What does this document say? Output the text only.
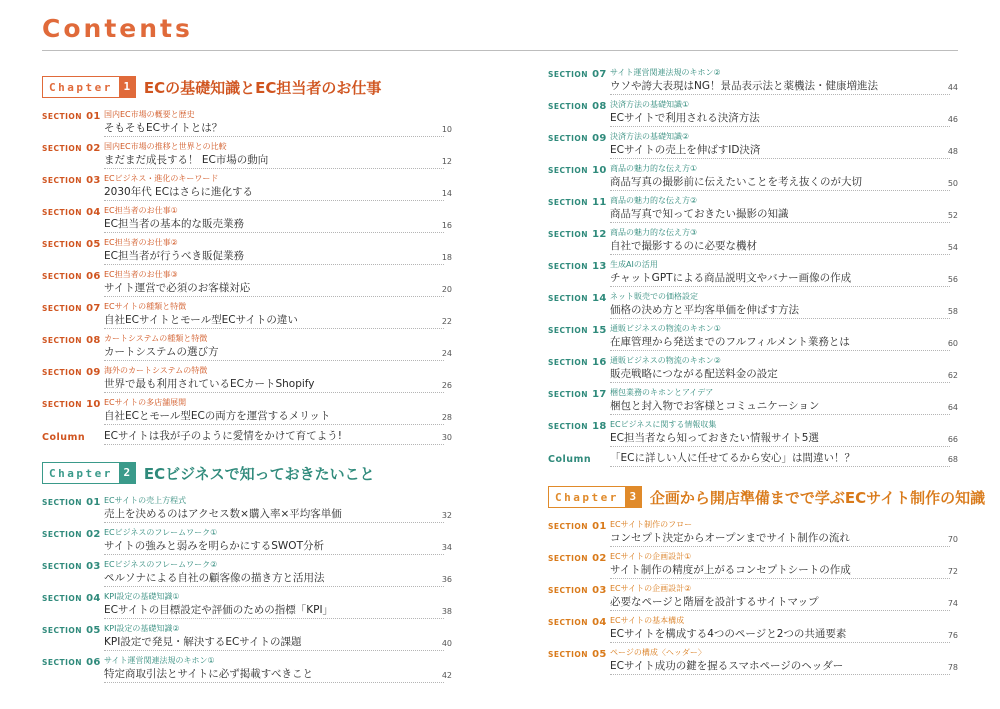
Contents
Chapter 1 ECの基礎知識とEC担当者のお仕事
SECTION 01 国内EC市場の概要と歴史
そもそもECサイトとは？	10
SECTION 02 国内EC市場の推移と世界との比較
まだまだ成長する！ EC市場の動向	12
SECTION 03 ECビジネス・進化のキーワード
2030年代 ECはさらに進化する	14
SECTION 04 EC担当者のお仕事①
EC担当者の基本的な販売業務	16
SECTION 05 EC担当者のお仕事②
EC担当者が行うべき販促業務	18
SECTION 06 EC担当者のお仕事③
サイト運営で必須のお客様対応	20
SECTION 07 ECサイトの種類と特徴
自社ECサイトとモール型ECサイトの違い	22
SECTION 08 カートシステムの種類と特徴
カートシステムの選び方	24
SECTION 09 海外のカートシステムの特徴
世界で最も利用されているECカートShopify	26
SECTION 10 ECサイトの多店舗展開
自社ECとモール型ECの両方を運営するメリット	28
Column ECサイトは我が子のように愛情をかけて育てよう!	30
Chapter 2 ECビジネスで知っておきたいこと
SECTION 01 ECサイトの売上方程式
売上を決めるのはアクセス数×購入率×平均客単価	32
SECTION 02 ECビジネスのフレームワーク①
サイトの強みと弱みを明らかにするSWOT分析	34
SECTION 03 ECビジネスのフレームワーク②
ペルソナによる自社の顧客像の描き方と活用法	36
SECTION 04 KPI設定の基礎知識①
ECサイトの目標設定や評価のための指標「KPI」	38
SECTION 05 KPI設定の基礎知識②
KPI設定で発見・解決するECサイトの課題	40
SECTION 06 サイト運営関連法規のキホン①
特定商取引法とサイトに必ず掲載すべきこと	42
SECTION 07 サイト運営関連法規のキホン②
ウソや誇大表現はNG！景品表示法と薬機法・健康増進法	44
SECTION 08 決済方法の基礎知識①
ECサイトで利用される決済方法	46
SECTION 09 決済方法の基礎知識②
ECサイトの売上を伸ばすID決済	48
SECTION 10 商品の魅力的な伝え方①
商品写真の撮影前に伝えたいことを考え抜くのが大切	50
SECTION 11 商品の魅力的な伝え方②
商品写真で知っておきたい撮影の知識	52
SECTION 12 商品の魅力的な伝え方③
自社で撮影するのに必要な機材	54
SECTION 13 生成AIの活用
チャットGPTによる商品説明文やバナー画像の作成	56
SECTION 14 ネット販売での価格設定
価格の決め方と平均客単価を伸ばす方法	58
SECTION 15 通販ビジネスの物流のキホン①
在庫管理から発送までのフルフィルメント業務とは	60
SECTION 16 通販ビジネスの物流のキホン②
販売戦略につながる配送料金の設定	62
SECTION 17 梱包業務のキホンとアイデア
梱包と封入物でお客様とコミュニケーション	64
SECTION 18 ECビジネスに関する情報収集
EC担当者なら知っておきたい情報サイト5選	66
Column 「ECに詳しい人に任せてるから安心」は間違い！？	68
Chapter 3 企画から開店準備までで学ぶECサイト制作の知識
SECTION 01 ECサイト制作のフロー
コンセプト決定からオープンまでサイト制作の流れ	70
SECTION 02 ECサイトの企画設計①
サイト制作の精度が上がるコンセプトシートの作成	72
SECTION 03 ECサイトの企画設計②
必要なページと階層を設計するサイトマップ	74
SECTION 04 ECサイトの基本構成
ECサイトを構成する4つのページと2つの共通要素	76
SECTION 05 ページの構成〈ヘッダー〉
ECサイト成功の鍵を握るスマホページのヘッダー	78
